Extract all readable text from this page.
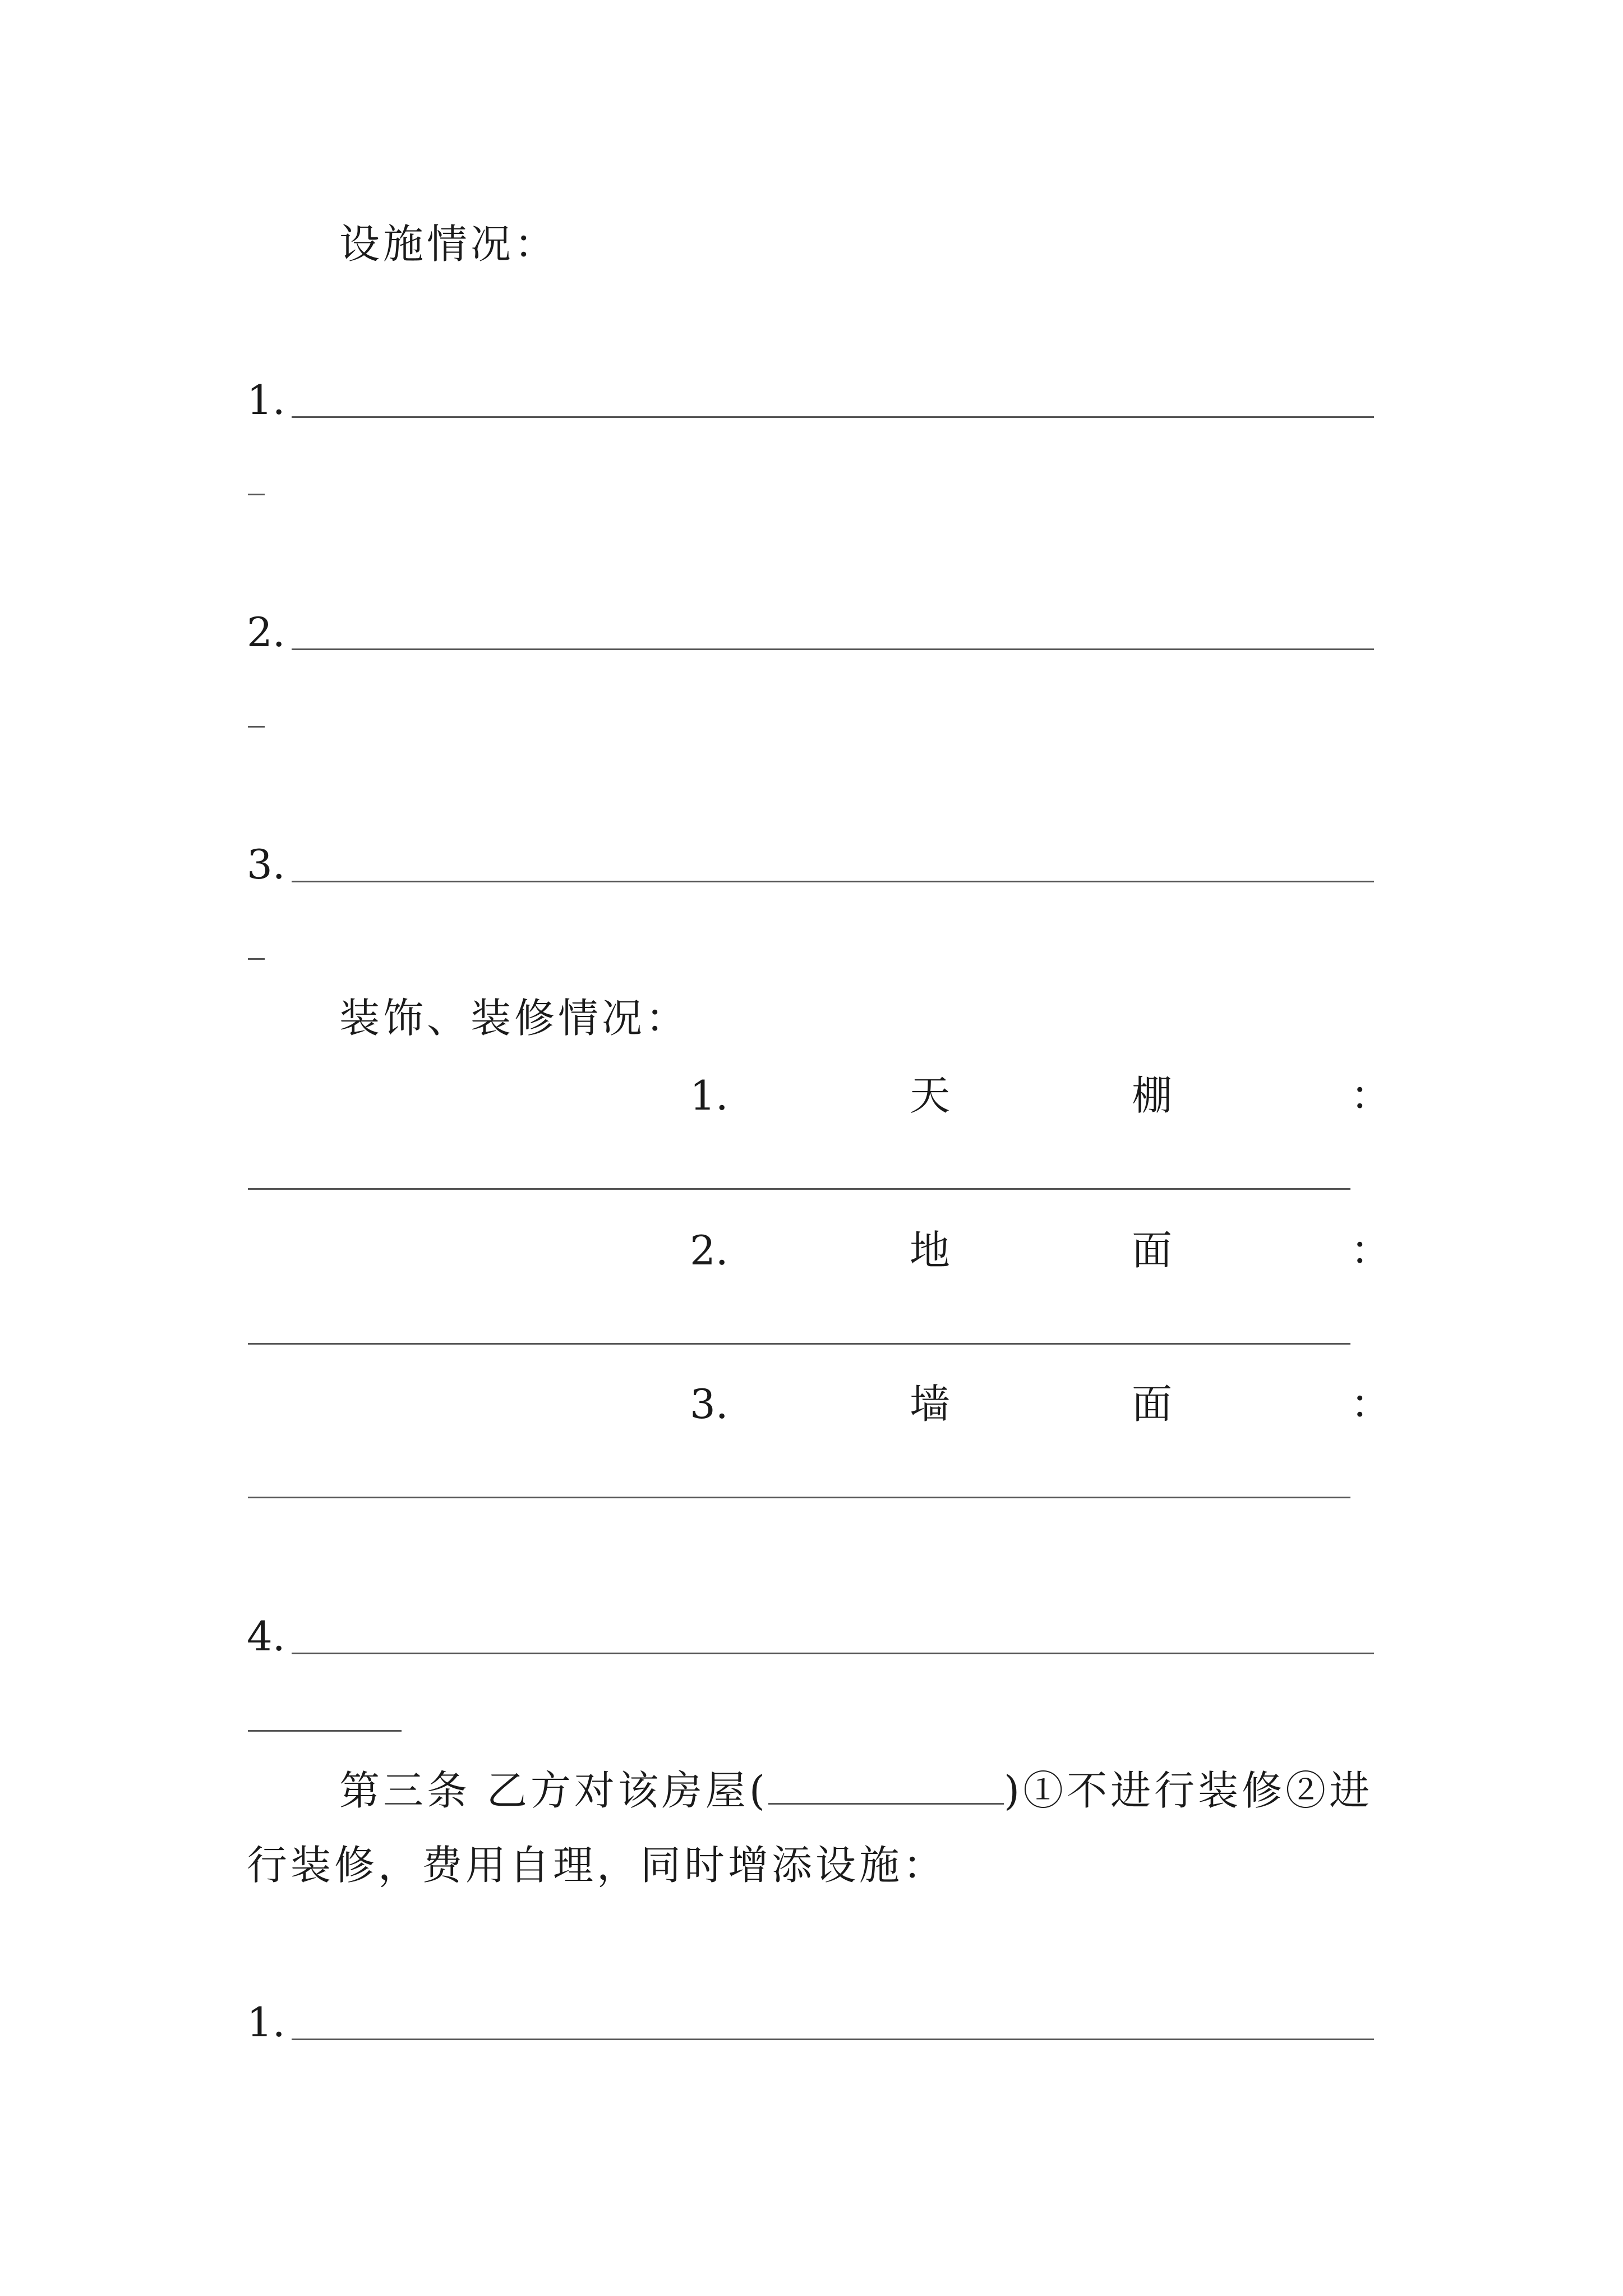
设施情况：
1.
2.
3.
装饰、装修情况：
1.	天	棚	：
2.	地	面	：
3.	墙	面	：
4.
第三条 乙方对该房屋(	)①不进行装修②进
行装修，费用自理，同时增添设施：
1.
